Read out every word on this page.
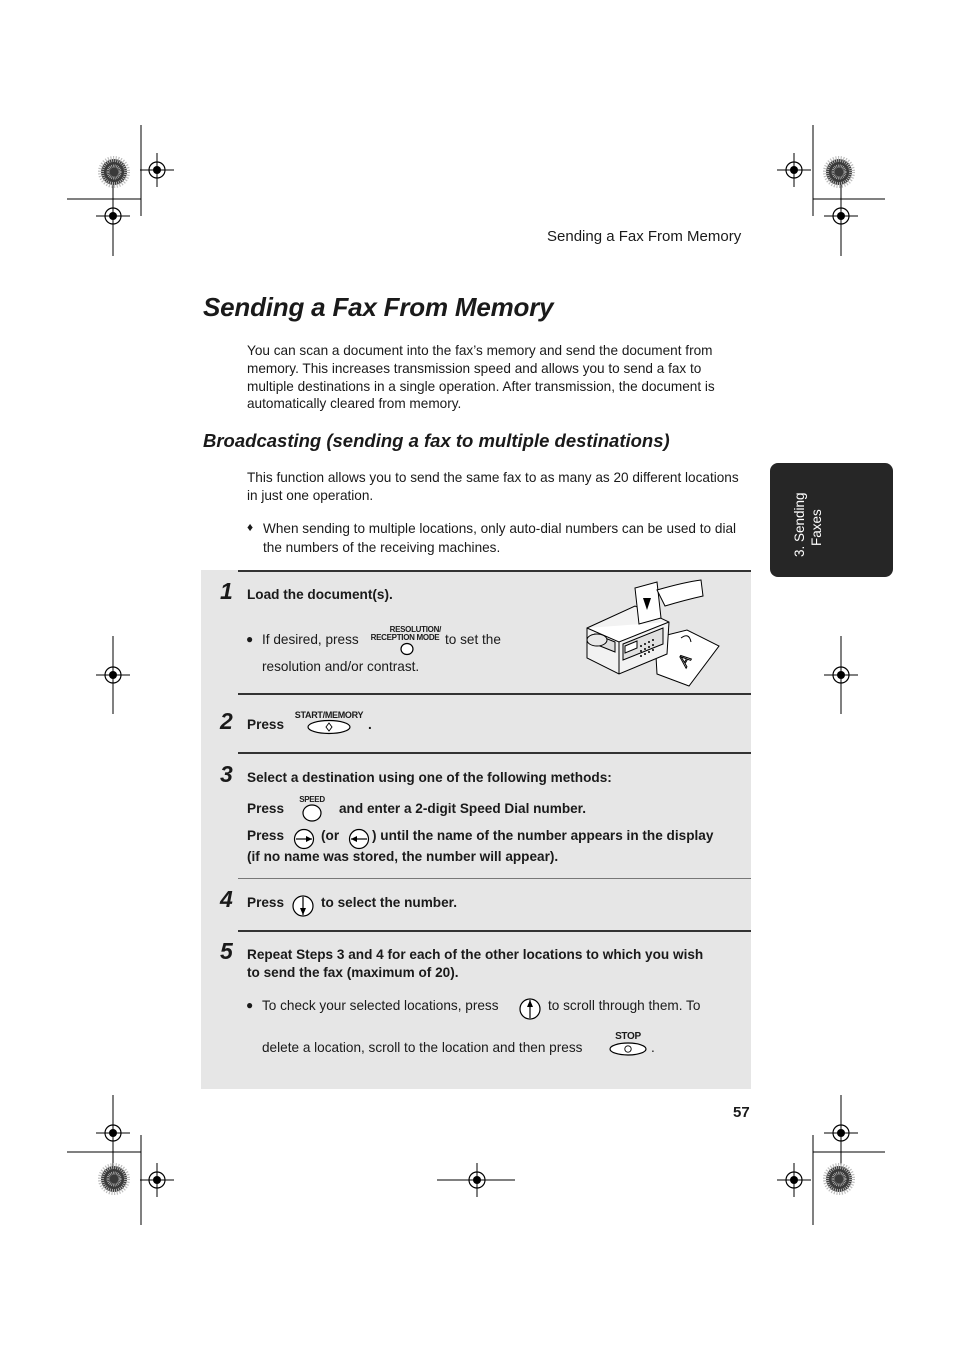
Sending a Fax From Memory
Sending a Fax From Memory

You can scan a document into the fax’s memory and send the document from memory. This increases transmission speed and allows you to send a fax to multiple destinations in a single operation. After transmission, the document is automatically cleared from memory.

Broadcasting (sending a fax to multiple destinations)

This function allows you to send the same fax to as many as 20 different locations in just one operation.

♦ When sending to multiple locations, only auto-dial numbers can be used to dial the numbers of the receiving machines.	3. Sending Faxes
1 Load the document(s).
● If desired, press
RESOLUTION/
RECEPTION MODE to set the
resolution and/or contrast.	A
2 Press
START/MEMORY
.
3 Select a destination using one of the following methods:
Press
SPEED
and enter a 2-digit Speed Dial number.
Press	(or ) until the name of the number appears in the display
(if no name was stored, the number will appear).
4 Press	to select the number.
5 Repeat Steps 3 and 4 for each of the other locations to which you wish
to send the fax (maximum of 20).
● To check your selected locations, press	to scroll through them. To
delete a location, scroll to the location and then press
STOP
.
57
